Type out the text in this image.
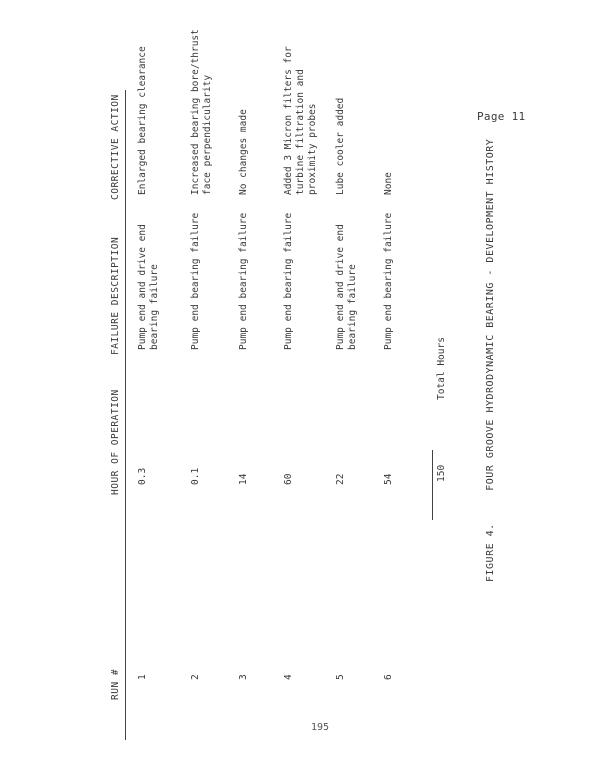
Page 11
195
RUN #
HOUR OF OPERATION
FAILURE DESCRIPTION
CORRECTIVE ACTION
FIGURE 4. FOUR GROOVE HYDRODYNAMIC BEARING - DEVELOPMENT HISTORY
1
0.3
Pump end and drive end
bearing failure
Enlarged bearing clearance
2
0.1
Pump end bearing failure
Increased bearing bore/thrust
face perpendicularity
3
14
Pump end bearing failure
No changes made
4
60
Pump end bearing failure
Added 3 Micron filters for
turbine filtration and
proximity probes
5
22
Pump end and drive end
bearing failure
Lube cooler added
6
54
Pump end bearing failure
None
150
Total Hours
